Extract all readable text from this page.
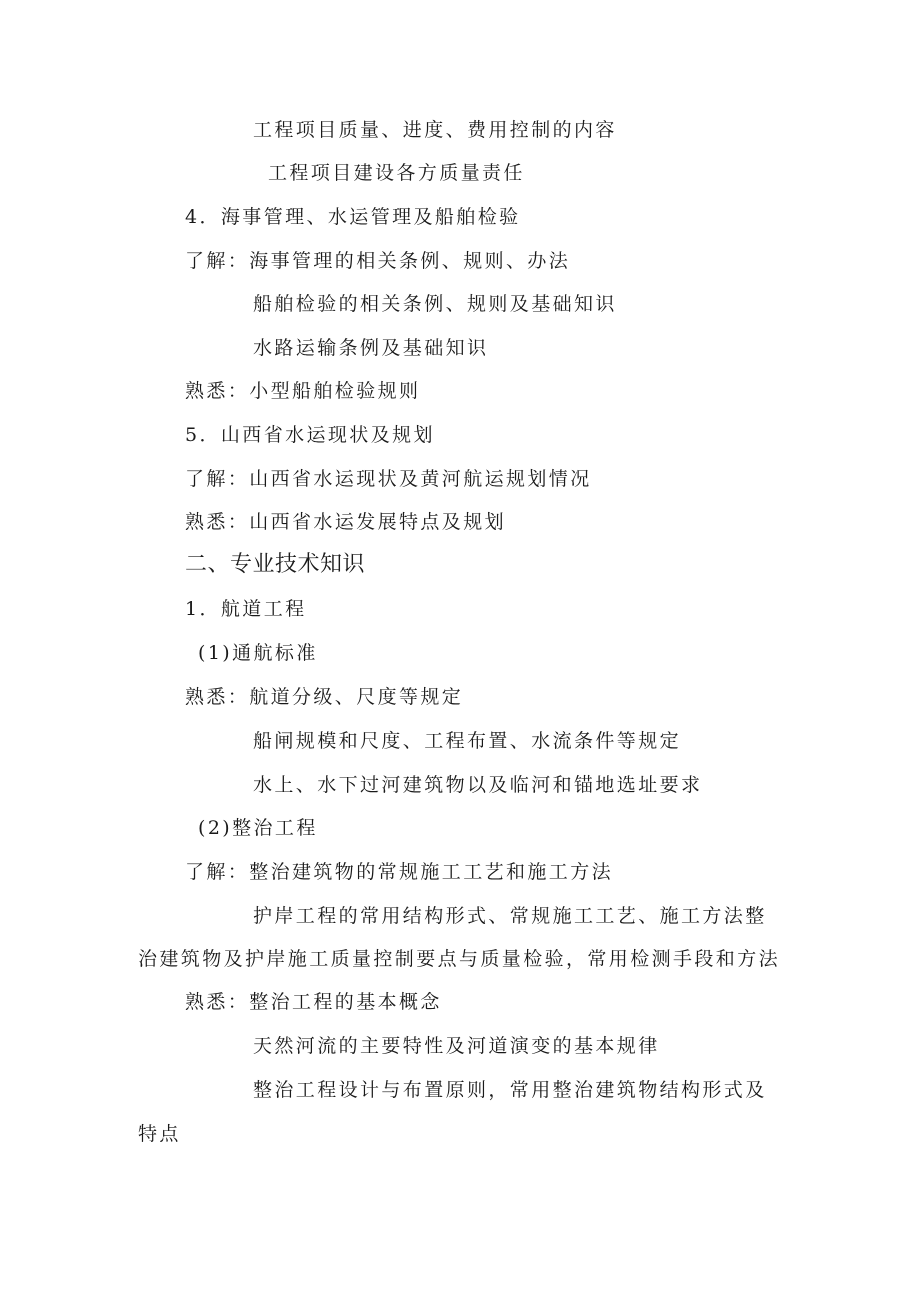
工程项目质量、进度、费用控制的内容
工程项目建设各方质量责任
4．海事管理、水运管理及船舶检验
了解：海事管理的相关条例、规则、办法
船舶检验的相关条例、规则及基础知识
水路运输条例及基础知识
熟悉：小型船舶检验规则
5．山西省水运现状及规划
了解：山西省水运现状及黄河航运规划情况
熟悉：山西省水运发展特点及规划
二、专业技术知识
1．航道工程
(1)通航标准
熟悉：航道分级、尺度等规定
船闸规模和尺度、工程布置、水流条件等规定
水上、水下过河建筑物以及临河和锚地选址要求
(2)整治工程
了解：整治建筑物的常规施工工艺和施工方法
护岸工程的常用结构形式、常规施工工艺、施工方法整
治建筑物及护岸施工质量控制要点与质量检验，常用检测手段和方法
熟悉：整治工程的基本概念
天然河流的主要特性及河道演变的基本规律
整治工程设计与布置原则，常用整治建筑物结构形式及
特点
